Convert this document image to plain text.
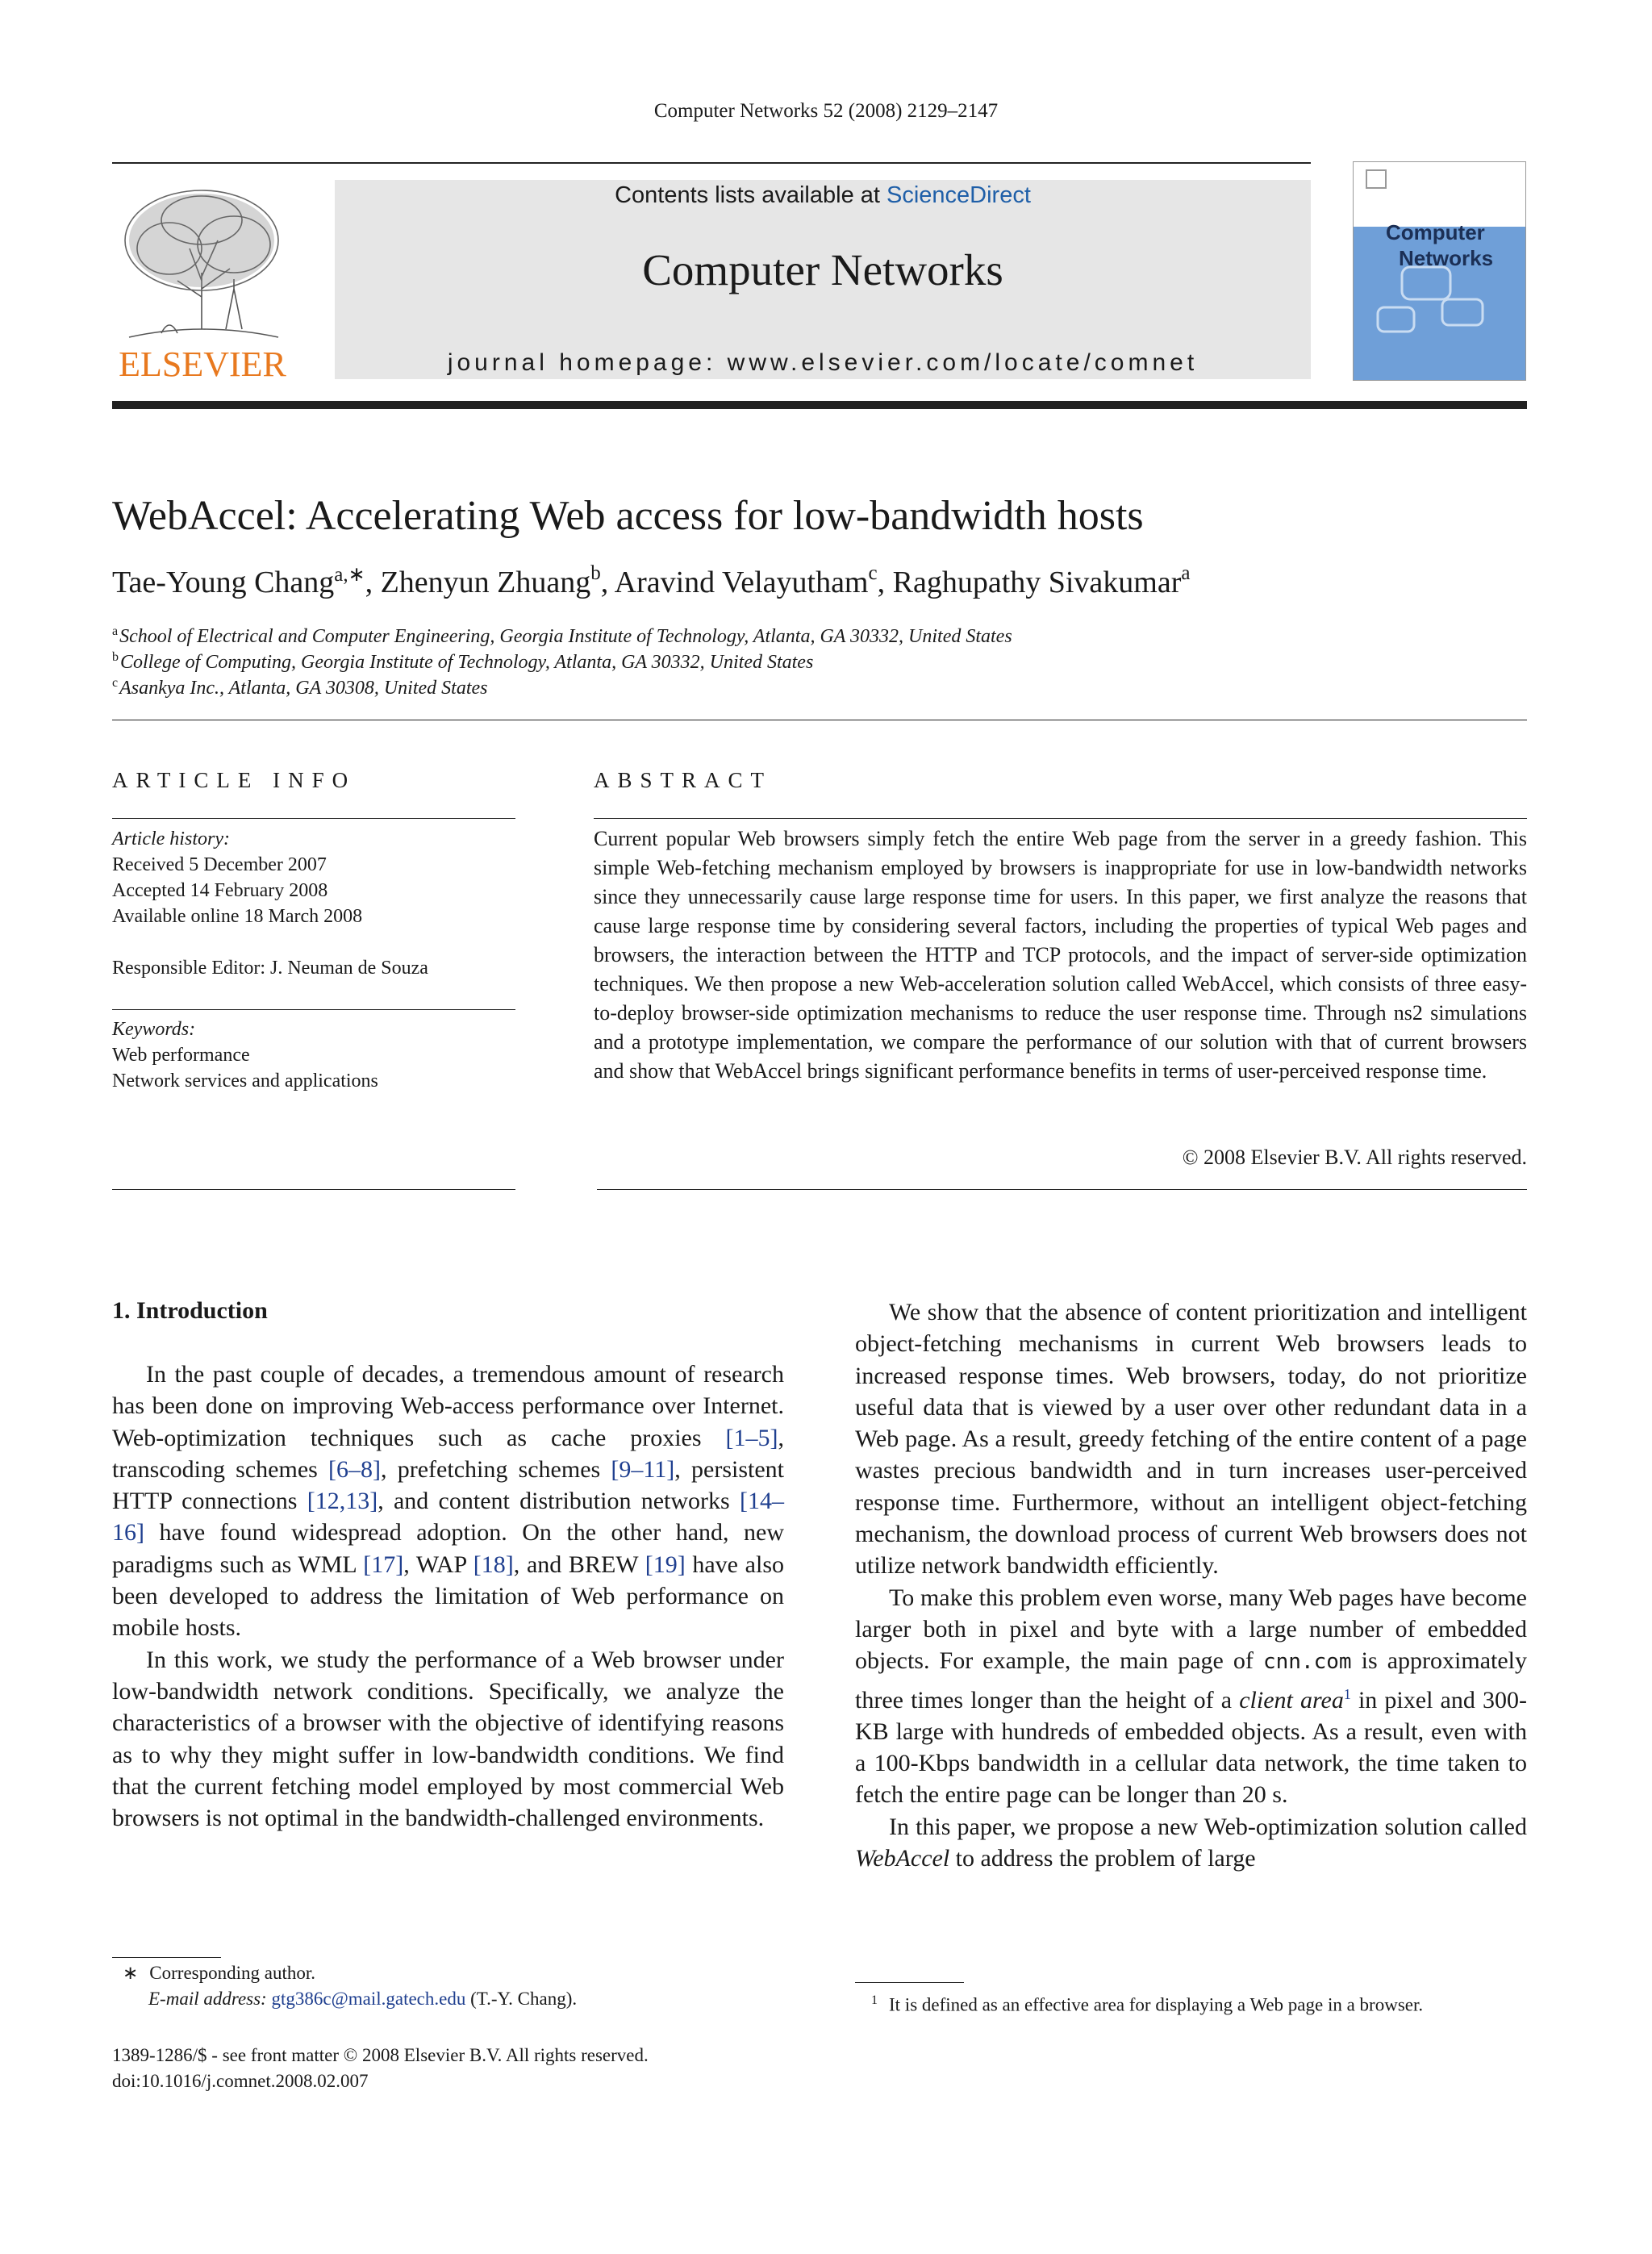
Computer Networks 52 (2008) 2129–2147
ELSEVIER
Contents lists available at ScienceDirect
Computer Networks
journal homepage: www.elsevier.com/locate/comnet
Computer
Networks
WebAccel: Accelerating Web access for low-bandwidth hosts
Tae-Young Chang$^{a,∗}$, Zhenyun Zhuang$^b$, Aravind Velayutham$^c$, Raghupathy Sivakumar$^a$
$^a$School of Electrical and Computer Engineering, Georgia Institute of Technology, Atlanta, GA 30332, United States
$^b$College of Computing, Georgia Institute of Technology, Atlanta, GA 30332, United States
$^c$Asankya Inc., Atlanta, GA 30308, United States
ARTICLE INFO
Article history:
Received 5 December 2007
Accepted 14 February 2008
Available online 18 March 2008
Responsible Editor: J. Neuman de Souza
Keywords:
Web performance
Network services and applications
ABSTRACT
Current popular Web browsers simply fetch the entire Web page from the server in a greedy fashion. This simple Web-fetching mechanism employed by browsers is inappropriate for use in low-bandwidth networks since they unnecessarily cause large response time for users. In this paper, we first analyze the reasons that cause large response time by considering several factors, including the properties of typical Web pages and browsers, the interaction between the HTTP and TCP protocols, and the impact of server-side optimization techniques. We then propose a new Web-acceleration solution called WebAccel, which consists of three easy-to-deploy browser-side optimization mechanisms to reduce the user response time. Through ns2 simulations and a prototype implementation, we compare the performance of our solution with that of current browsers and show that WebAccel brings significant performance benefits in terms of user-perceived response time.
© 2008 Elsevier B.V. All rights reserved.
1. Introduction

In the past couple of decades, a tremendous amount of research has been done on improving Web-access performance over Internet. Web-optimization techniques such as cache proxies [1–5], transcoding schemes [6–8], prefetching schemes [9–11], persistent HTTP connections [12,13], and content distribution networks [14–16] have found widespread adoption. On the other hand, new paradigms such as WML [17], WAP [18], and BREW [19] have also been developed to address the limitation of Web performance on mobile hosts.

In this work, we study the performance of a Web browser under low-bandwidth network conditions. Specifically, we analyze the characteristics of a browser with the objective of identifying reasons as to why they might suffer in low-bandwidth conditions. We find that the current fetching model employed by most commercial Web browsers is not optimal in the bandwidth-challenged environments.

We show that the absence of content prioritization and intelligent object-fetching mechanisms in current Web browsers leads to increased response times. Web browsers, today, do not prioritize useful data that is viewed by a user over other redundant data in a Web page. As a result, greedy fetching of the entire content of a page wastes precious bandwidth and in turn increases user-perceived response time. Furthermore, without an intelligent object-fetching mechanism, the download process of current Web browsers does not utilize network bandwidth efficiently.

To make this problem even worse, many Web pages have become larger both in pixel and byte with a large number of embedded objects. For example, the main page of cnn.com is approximately three times longer than the height of a client area$^1$ in pixel and 300-KB large with hundreds of embedded objects. As a result, even with a 100-Kbps bandwidth in a cellular data network, the time taken to fetch the entire page can be longer than 20 s.

In this paper, we propose a new Web-optimization solution called WebAccel to address the problem of large

∗ Corresponding author.
E-mail address: gtg386c@mail.gatech.edu (T.-Y. Chang).	$^1$ It is defined as an effective area for displaying a Web page in a browser.
1389-1286/$ - see front matter © 2008 Elsevier B.V. All rights reserved.
doi:10.1016/j.comnet.2008.02.007
